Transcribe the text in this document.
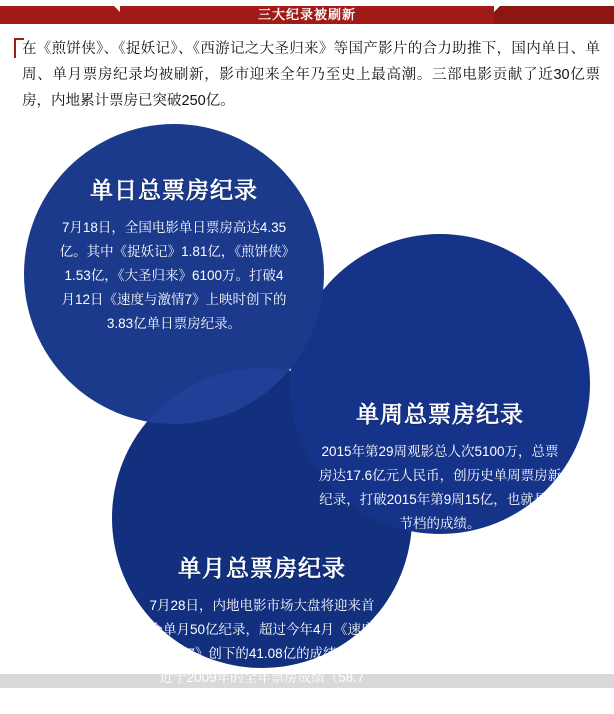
三大纪录被刷新
在《煎饼侠》、《捉妖记》、《西游记之大圣归来》等国产影片的合力助推下，国内单日、单周、单月票房纪录均被刷新，影市迎来全年乃至史上最高潮。三部电影贡献了近30亿票房，内地累计票房已突破250亿。
单月总票房纪录
7月28日，内地电影市场大盘将迎来首个单月50亿纪录，超过今年4月《速度与激情7》创下的41.08亿的成绩，将接近于2009年的全年票房成绩（58.7亿）。
单周总票房纪录
2015年第29周观影总人次5100万，总票房达17.6亿元人民币，创历史单周票房新纪录，打破2015年第9周15亿，也就是春节档的成绩。
单日总票房纪录
7月18日，全国电影单日票房高达4.35亿。其中《捉妖记》1.81亿，《煎饼侠》1.53亿，《大圣归来》6100万。打破4月12日《速度与激情7》上映时创下的3.83亿单日票房纪录。
